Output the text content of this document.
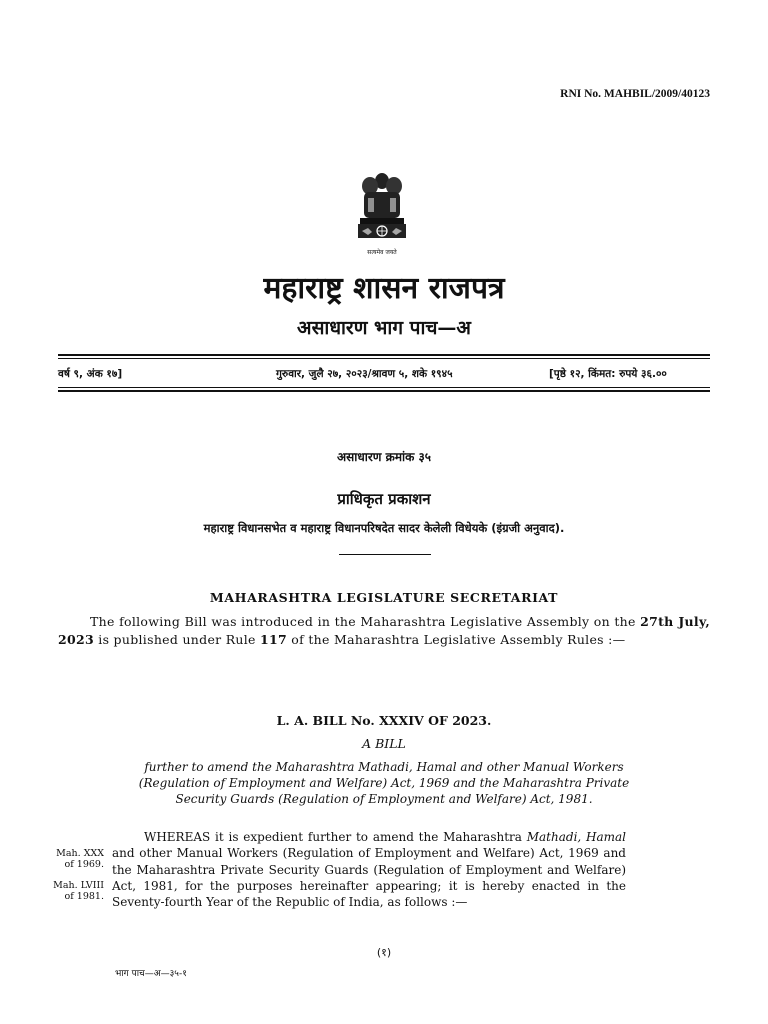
RNI No. MAHBIL/2009/40123
सत्यमेव जयते
महाराष्ट्र शासन राजपत्र
असाधारण भाग पाच—अ
वर्ष ९, अंक १७]	गुरुवार, जुलै २७, २०२३/श्रावण ५, शके १९४५	[पृष्ठे १२, किंमत: रुपये ३६.००
असाधारण क्रमांक ३५
प्राधिकृत प्रकाशन
महाराष्ट्र विधानसभेत व महाराष्ट्र विधानपरिषदेत सादर केलेली विधेयके (इंग्रजी अनुवाद).
MAHARASHTRA LEGISLATURE SECRETARIAT
The following Bill was introduced in the Maharashtra Legislative Assembly on the 27th July, 2023 is published under Rule 117 of the Maharashtra Legislative Assembly Rules :—
L. A. BILL No. XXXIV OF 2023.
A BILL
further to amend the Maharashtra Mathadi, Hamal and other Manual Workers (Regulation of Employment and Welfare) Act, 1969 and the Maharashtra Private Security Guards (Regulation of Employment and Welfare) Act, 1981.
Mah. XXX
of 1969.
Mah. LVIII
of 1981.
WHEREAS it is expedient further to amend the Maharashtra Mathadi, Hamal and other Manual Workers (Regulation of Employment and Welfare) Act, 1969 and the Maharashtra Private Security Guards (Regulation of Employment and Welfare) Act, 1981, for the purposes hereinafter appearing; it is hereby enacted in the Seventy-fourth Year of the Republic of India, as follows :—
(१)
भाग पाच—अ—३५-१
